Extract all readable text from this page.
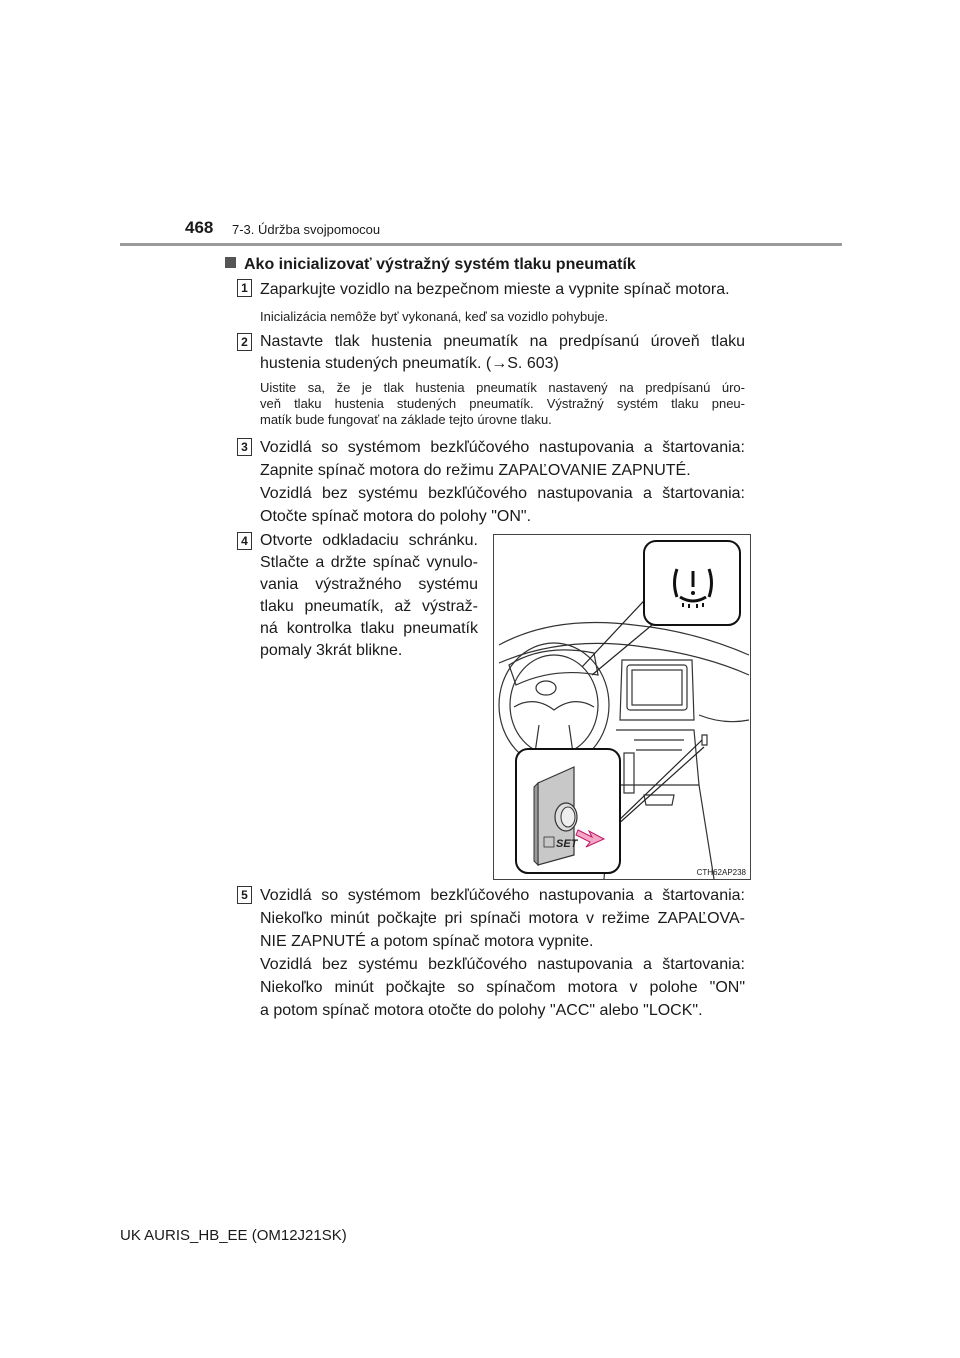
468 7-3. Údržba svojpomocou
Ako inicializovať výstražný systém tlaku pneumatík
1 Zaparkujte vozidlo na bezpečnom mieste a vypnite spínač motora.
Inicializácia nemôže byť vykonaná, keď sa vozidlo pohybuje.
2 Nastavte tlak hustenia pneumatík na predpísanú úroveň tlaku
hustenia studených pneumatík. (→S. 603)
Uistite sa, že je tlak hustenia pneumatík nastavený na predpísanú úro-
veň tlaku hustenia studených pneumatík. Výstražný systém tlaku pneu-
matík bude fungovať na základe tejto úrovne tlaku.
3 Vozidlá so systémom bezkľúčového nastupovania a štartovania:
Zapnite spínač motora do režimu ZAPAĽOVANIE ZAPNUTÉ.
Vozidlá bez systému bezkľúčového nastupovania a štartovania:
Otočte spínač motora do polohy "ON".
4 Otvorte odkladaciu schránku.
Stlačte a držte spínač vynulo-
vania výstražného systému
tlaku pneumatík, až výstraž-
ná kontrolka tlaku pneumatík
pomaly 3krát blikne.
SET
CTH62AP238
5 Vozidlá so systémom bezkľúčového nastupovania a štartovania:
Niekoľko minút počkajte pri spínači motora v režime ZAPAĽOVA-
NIE ZAPNUTÉ a potom spínač motora vypnite.
Vozidlá bez systému bezkľúčového nastupovania a štartovania:
Niekoľko minút počkajte so spínačom motora v polohe "ON"
a potom spínač motora otočte do polohy "ACC" alebo "LOCK".
UK AURIS_HB_EE (OM12J21SK)
